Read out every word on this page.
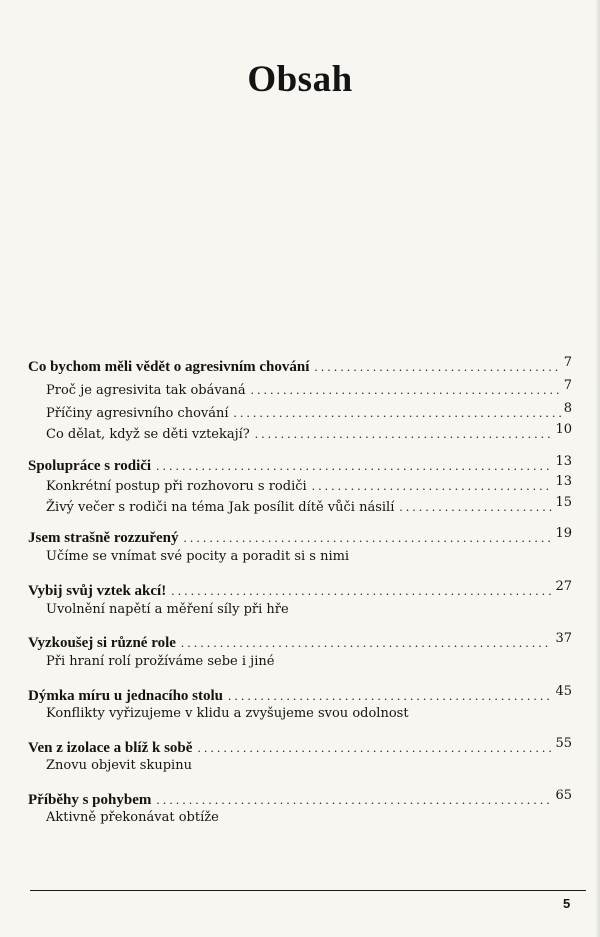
Obsah
Co bychom měli vědět o agresivním chování . . .	7
Proč je agresivita tak obávaná . . .	7
Příčiny agresivního chování . . .	8
Co dělat, když se děti vztekají? . . .	10
Spolupráce s rodiči . . .	13
Konkrétní postup při rozhovoru s rodiči . . .	13
Živý večer s rodiči na téma Jak posílit dítě vůči násilí . . .	15
Jsem strašně rozzuřený . . .	19
Učíme se vnímat své pocity a poradit si s nimi
Vybij svůj vztek akcí! . . .	27
Uvolnění napětí a měření síly při hře
Vyzkoušej si různé role . . .	37
Při hraní rolí prožíváme sebe i jiné
Dýmka míru u jednacího stolu . . .	45
Konflikty vyřizujeme v klidu a zvyšujeme svou odolnost
Ven z izolace a blíž k sobě . . .	55
Znovu objevit skupinu
Příběhy s pohybem . . .	65
Aktivně překonávat obtíže
5
